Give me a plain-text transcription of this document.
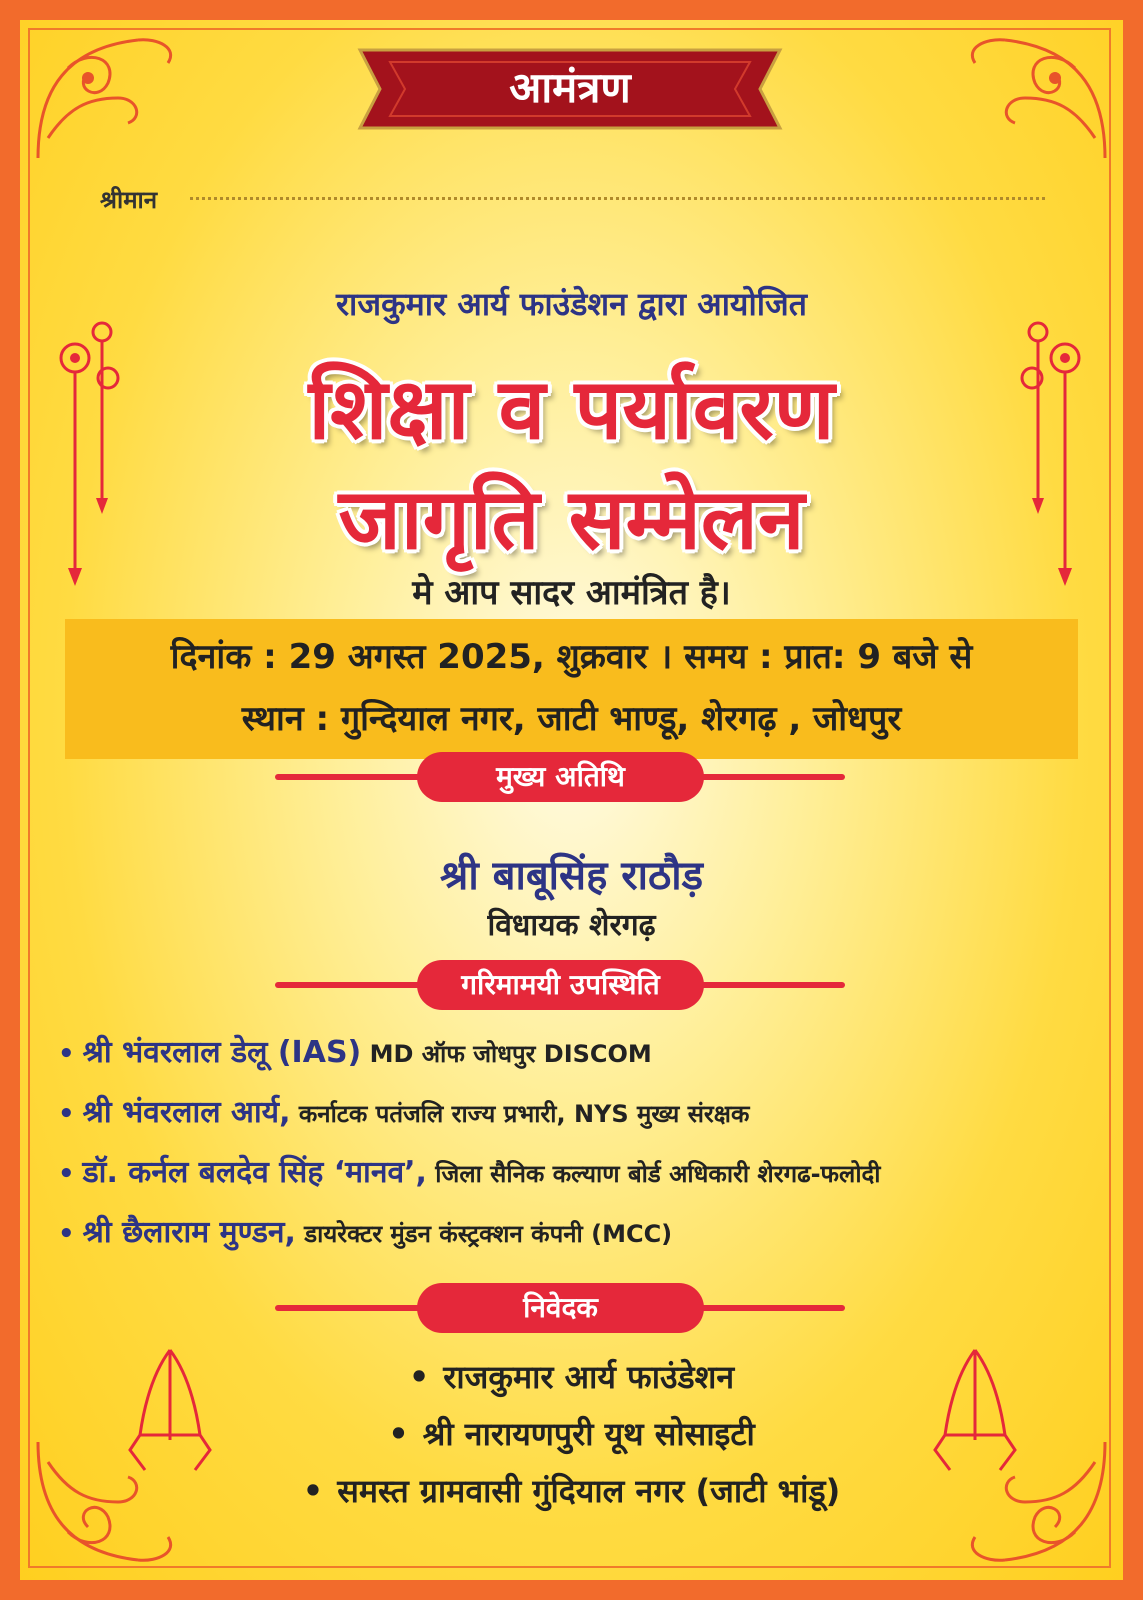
आमंत्रण
श्रीमान
राजकुमार आर्य फाउंडेशन द्वारा आयोजित
शिक्षा व पर्यावरण
जागृति सम्मेलन
मे आप सादर आमंत्रित है।
दिनांक : 29 अगस्त 2025, शुक्रवार । समय : प्रात: 9 बजे से
स्थान : गुन्दियाल नगर, जाटी भाण्डू, शेरगढ़ , जोधपुर
मुख्य अतिथि
श्री बाबूसिंह राठौड़
विधायक शेरगढ़
गरिमामयी उपस्थिति
• श्री भंवरलाल डेलू (IAS) MD ऑफ जोधपुर DISCOM
• श्री भंवरलाल आर्य, कर्नाटक पतंजलि राज्य प्रभारी, NYS मुख्य संरक्षक
• डॉ. कर्नल बलदेव सिंह ‘मानव’, जिला सैनिक कल्याण बोर्ड अधिकारी शेरगढ-फलोदी
• श्री छैलाराम मुण्डन, डायरेक्टर मुंडन कंस्ट्रक्शन कंपनी (MCC)
निवेदक
• राजकुमार आर्य फाउंडेशन
• श्री नारायणपुरी यूथ सोसाइटी
• समस्त ग्रामवासी गुंदियाल नगर (जाटी भांडू)
